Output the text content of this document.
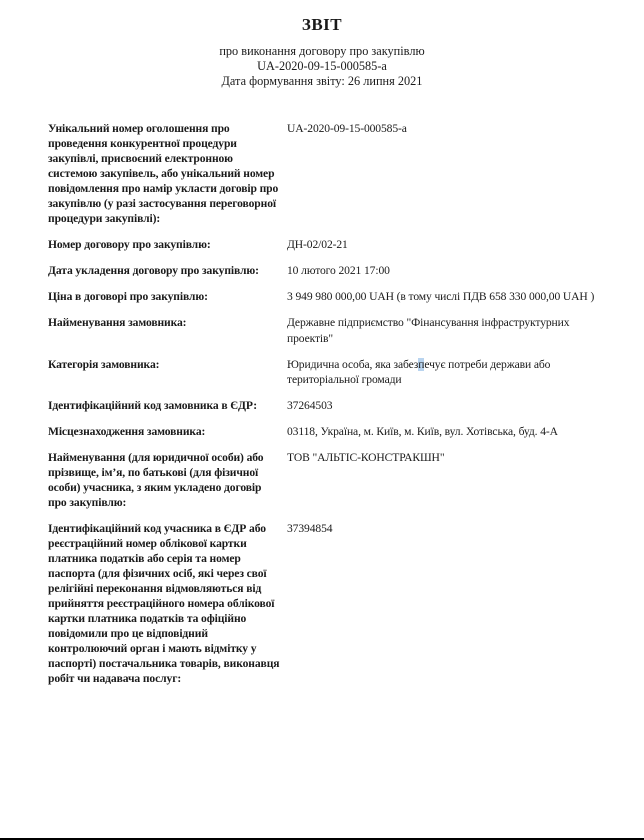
ЗВІТ

про виконання договору про закупівлю

UA-2020-09-15-000585-a

Дата формування звіту: 26 липня 2021

Унікальний номер оголошення про проведення конкурентної процедури закупівлі, присвоєний електронною системою закупівель, або унікальний номер повідомлення про намір укласти договір про закупівлю (у разі застосування переговорної процедури закупівлі):
UA-2020-09-15-000585-a
Номер договору про закупівлю:	ДН-02/02-21
Дата укладення договору про закупівлю:	10 лютого 2021 17:00
Ціна в договорі про закупівлю:	3 949 980 000,00 UAH (в тому числі ПДВ 658 330 000,00 UAH )
Найменування замовника:	Державне підприємство "Фінансування інфраструктурних проектів"
Категорія замовника:	Юридична особа, яка забезпечує потреби держави або територіальної громади
Ідентифікаційний код замовника в ЄДР:	37264503
Місцезнаходження замовника:	03118, Україна, м. Київ, м. Київ, вул. Хотівська, буд. 4-А
Найменування (для юридичної особи) або прізвище, ім’я, по батькові (для фізичної особи) учасника, з яким укладено договір про закупівлю:
ТОВ "АЛЬТІС-КОНСТРАКШН"
Ідентифікаційний код учасника в ЄДР або реєстраційний номер облікової картки платника податків або серія та номер паспорта (для фізичних осіб, які через свої релігійні переконання відмовляються від прийняття реєстраційного номера облікової картки платника податків та офіційно повідомили про це відповідний контролюючий орган і мають відмітку у паспорті) постачальника товарів, виконавця робіт чи надавача послуг:
37394854
